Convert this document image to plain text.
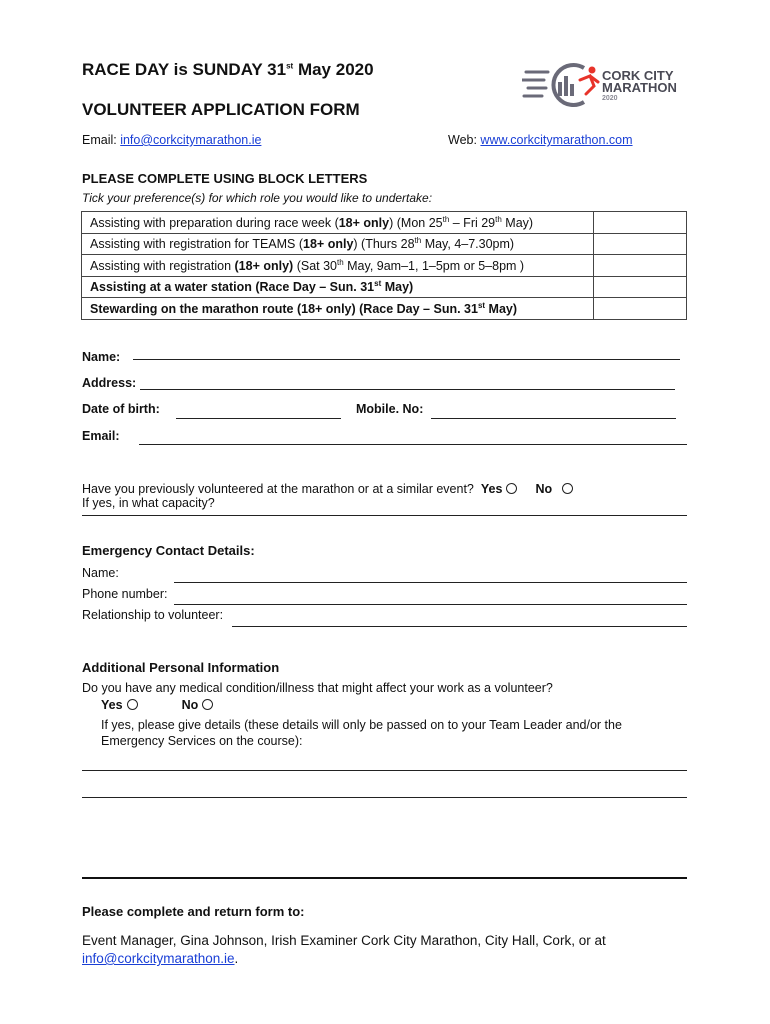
RACE DAY is SUNDAY 31st May 2020
VOLUNTEER APPLICATION FORM
Email: info@corkcitymarathon.ie	Web: www.corkcitymarathon.com
CORK CITY
MARATHON
2020
PLEASE COMPLETE USING BLOCK LETTERS
Tick your preference(s) for which role you would like to undertake:
Assisting with preparation during race week (18+ only) (Mon 25th – Fri 29th May)	
Assisting with registration for TEAMS (18+ only) (Thurs 28th May, 4–7.30pm)	
Assisting with registration (18+ only) (Sat 30th May, 9am–1, 1–5pm or 5–8pm )	
Assisting at a water station (Race Day – Sun. 31st May)	
Stewarding on the marathon route (18+ only) (Race Day – Sun. 31st May)	
Name:
Address:
Date of birth:	Mobile. No:
Email:
Have you previously volunteered at the marathon or at a similar event? Yes	No
If yes, in what capacity?
Emergency Contact Details:
Name:
Phone number:
Relationship to volunteer:
Additional Personal Information
Do you have any medical condition/illness that might affect your work as a volunteer?
Yes	No
If yes, please give details (these details will only be passed on to your Team Leader and/or the
Emergency Services on the course):
Please complete and return form to:
Event Manager, Gina Johnson, Irish Examiner Cork City Marathon, City Hall, Cork, or at
info@corkcitymarathon.ie.
